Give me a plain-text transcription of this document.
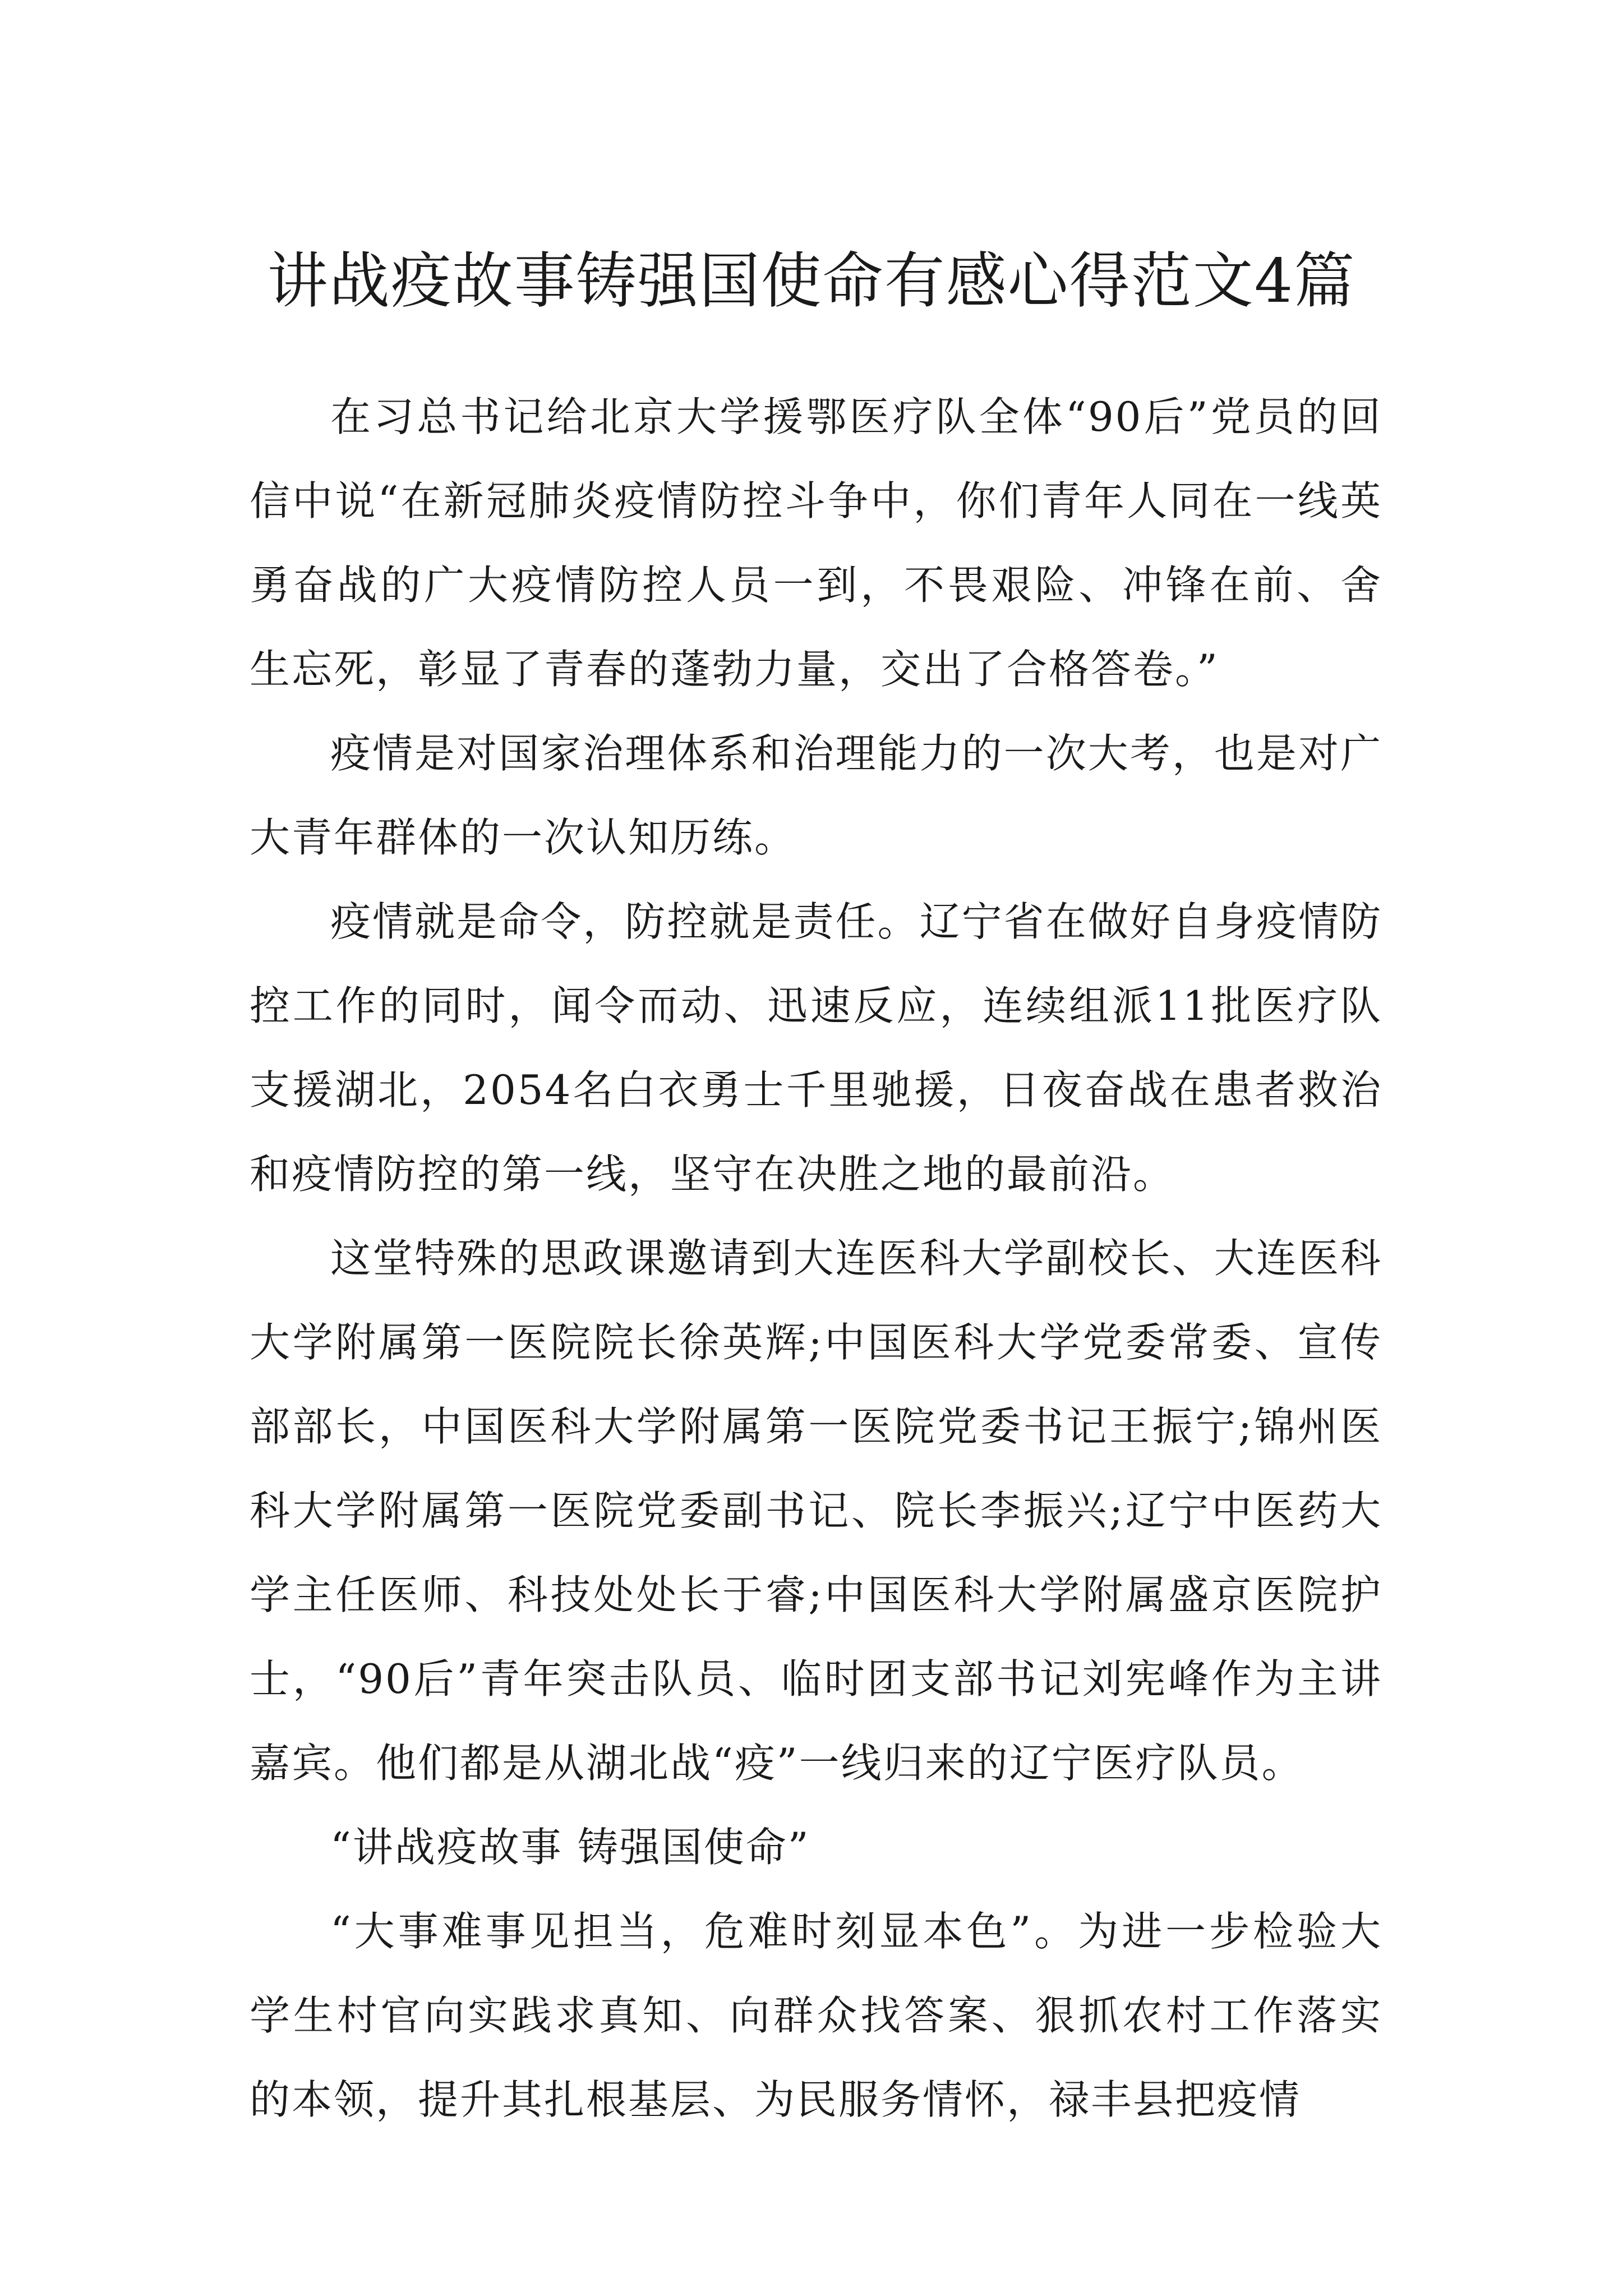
讲战疫故事铸强国使命有感心得范文4篇

在习总书记给北京大学援鄂医疗队全体“90后”党员的回信中说“在新冠肺炎疫情防控斗争中，你们青年人同在一线英勇奋战的广大疫情防控人员一到，不畏艰险、冲锋在前、舍生忘死，彰显了青春的蓬勃力量，交出了合格答卷。”

疫情是对国家治理体系和治理能力的一次大考，也是对广大青年群体的一次认知历练。

疫情就是命令，防控就是责任。辽宁省在做好自身疫情防控工作的同时，闻令而动、迅速反应，连续组派11批医疗队支援湖北，2054名白衣勇士千里驰援，日夜奋战在患者救治和疫情防控的第一线，坚守在决胜之地的最前沿。

这堂特殊的思政课邀请到大连医科大学副校长、大连医科大学附属第一医院院长徐英辉;中国医科大学党委常委、宣传部部长，中国医科大学附属第一医院党委书记王振宁;锦州医科大学附属第一医院党委副书记、院长李振兴;辽宁中医药大学主任医师、科技处处长于睿;中国医科大学附属盛京医院护士，“90后”青年突击队员、临时团支部书记刘宪峰作为主讲嘉宾。他们都是从湖北战“疫”一线归来的辽宁医疗队员。

“讲战疫故事 铸强国使命”

“大事难事见担当，危难时刻显本色”。为进一步检验大学生村官向实践求真知、向群众找答案、狠抓农村工作落实的本领，提升其扎根基层、为民服务情怀，禄丰县把疫情
